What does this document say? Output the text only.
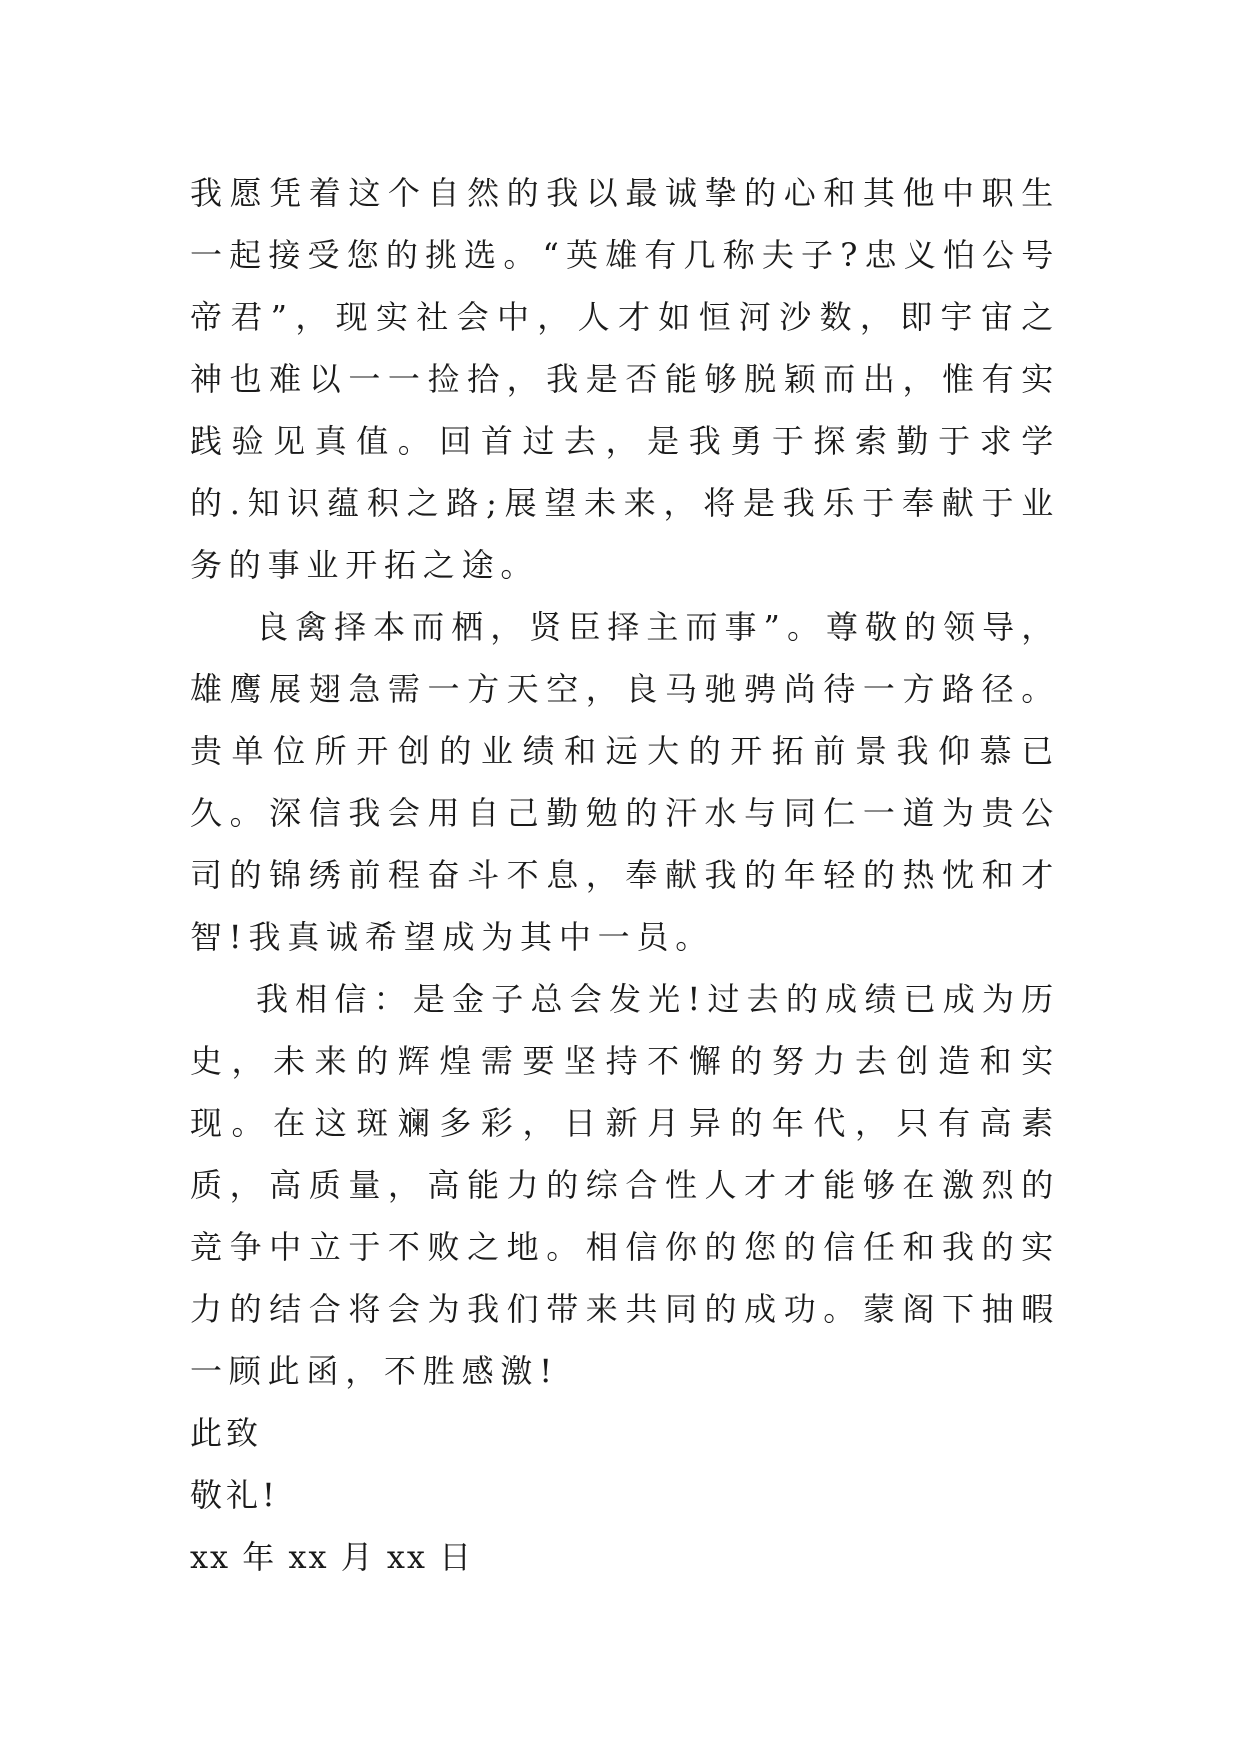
我愿凭着这个自然的我以最诚挚的心和其他中职生一起接受您的挑选。“英雄有几称夫子?忠义怕公号帝君”，现实社会中，人才如恒河沙数，即宇宙之神也难以一一捡拾，我是否能够脱颖而出，惟有实践验见真值。回首过去，是我勇于探索勤于求学的.知识蕴积之路;展望未来，将是我乐于奉献于业务的事业开拓之途。

良禽择本而栖，贤臣择主而事”。尊敬的领导，雄鹰展翅急需一方天空，良马驰骋尚待一方路径。贵单位所开创的业绩和远大的开拓前景我仰慕已久。深信我会用自己勤勉的汗水与同仁一道为贵公司的锦绣前程奋斗不息，奉献我的年轻的热忱和才智!我真诚希望成为其中一员。

我相信：是金子总会发光!过去的成绩已成为历史，未来的辉煌需要坚持不懈的努力去创造和实现。在这斑斓多彩，日新月异的年代，只有高素质，高质量，高能力的综合性人才才能够在激烈的竞争中立于不败之地。相信你的您的信任和我的实力的结合将会为我们带来共同的成功。蒙阁下抽暇一顾此函，不胜感激!

此致

敬礼!

xx 年 xx 月 xx 日
